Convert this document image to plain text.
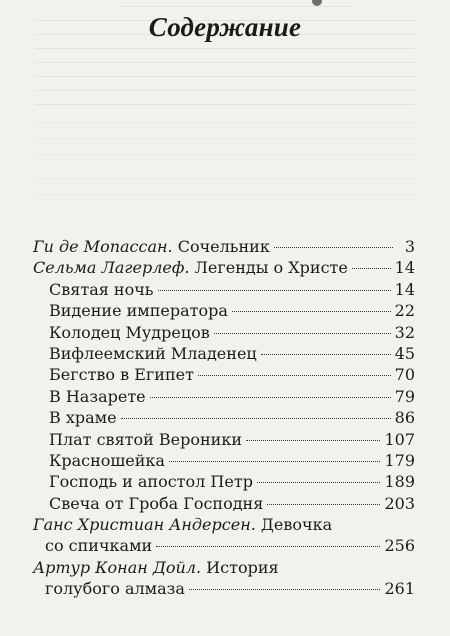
Содержание
Ги де Мопассан.
Сочельник	3
Сельма Лагерлеф.
Легенды о Христе	14
Святая ночь	14
Видение императора	22
Колодец Мудрецов	32
Вифлеемский Младенец	45
Бегство в Египет	70
В Назарете	79
В храме	86
Плат святой Вероники	107
Красношейка	179
Господь и апостол Петр	189
Свеча от Гроба Господня	203
Ганс Христиан Андерсен.
Девочка
со спичками	256
Артур Конан Дойл.
История
голубого алмаза	261
